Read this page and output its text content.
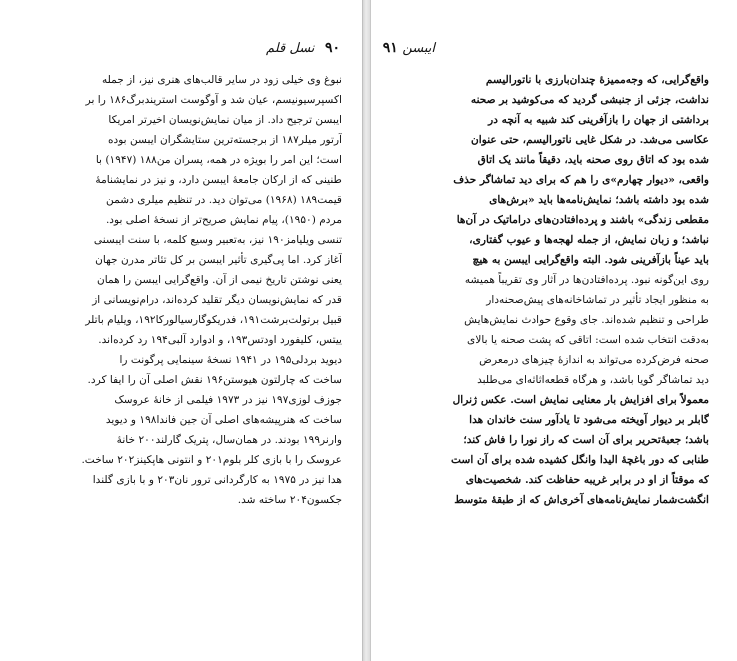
۹۰ نسل قلم
نبوغ وی خیلی زود در سایر قالب‌های هنری نیز، از جمله
اکسپرسیونیسم، عیان شد و آوگوست استریندبرگ۱۸۶ را بر
ایبسن ترجیح داد. از میان نمایش‌نویسان اخیرتر امریکا
آرتور میلر۱۸۷ از برجسته‌ترین ستایشگران ایبسن بوده
است؛ این امر را بویژه در همه، پسران من۱۸۸ (۱۹۴۷) با
طنینی که از ارکان جامعهٔ ایبسن دارد، و نیز در نمایشنامهٔ
قیمت۱۸۹ (۱۹۶۸) می‌توان دید. در تنظیم میلری دشمن
مردم (۱۹۵۰)، پیام نمایش صریح‌تر از نسخهٔ اصلی بود.
تنسی ویلیامز۱۹۰ نیز، به‌تعبیر وسیع کلمه، با سنت ایبسنی
آغاز کرد. اما پی‌گیری تأثیر ایبسن بر کل تئاتر مدرن جهان
یعنی نوشتن تاریخ نیمی از آن. واقع‌گرایی ایبسن را همان
قدر که نمایش‌نویسان دیگر تقلید کرده‌اند، درام‌نویسانی از
قبیل برتولت‌برشت۱۹۱، فدریکوگارسیالورکا۱۹۲، ویلیام باتلر
ییتس، کلیفورد اودتس۱۹۳، و ادوارد آلبی۱۹۴ رد کرده‌اند.
دیوید بردلی۱۹۵ در ۱۹۴۱ نسخهٔ سینمایی پرگونت را
ساخت که چارلتون هیوستن۱۹۶ نقش اصلی آن را ایفا کرد.
جوزف لوزی۱۹۷ نیز در ۱۹۷۳ فیلمی از خانهٔ عروسک
ساخت که هنرپیشه‌های اصلی آن جین فاندا۱۹۸ و دیوید
وارنر۱۹۹ بودند. در همان‌سال، پتریک گارلند۲۰۰ خانهٔ
عروسک را با بازی کلر بلوم۲۰۱ و انتونی هاپکینز۲۰۲ ساخت.
هدا نیز در ۱۹۷۵ به کارگردانی ترور نان۲۰۳ و با بازی گلندا
جکسون۲۰۴ ساخته شد.
ایبسن ۹۱
واقع‌گرایی، که وجه‌ممیزهٔ چندان‌بارزی با ناتورالیسم
نداشت، جزئی از جنبشی گردید که می‌کوشید بر صحنه
برداشتی از جهان را بازآفرینی کند شبیه به آنچه در
عکاسی می‌شد. در شکل غایی ناتورالیسم، حتی عنوان
شده بود که اتاق روی صحنه باید، دقیقاً مانند یک اتاق
واقعی، «دیوار چهارم»ی را هم که برای دید تماشاگر حذف
شده بود داشته باشد؛ نمایش‌نامه‌ها باید «برش‌های
مقطعی زندگی» باشند و پرده‌افتادن‌های دراماتیک در آن‌ها
نباشد؛ و زبان نمایش، از جمله لهجه‌ها و عیوب گفتاری،
باید عیناً بازآفرینی شود. البته واقع‌گرایی ایبسن به هیچ
روی این‌گونه نبود. پرده‌افتادن‌ها در آثار وی تقریباً همیشه
به منظور ایجاد تأثیر در تماشاخانه‌های پیش‌صحنه‌دار
طراحی و تنظیم شده‌اند. جای وقوع حوادث نمایش‌هایش
به‌دقت انتخاب شده است: اتاقی که پشت صحنه یا بالای
صحنه فرض‌کرده می‌تواند به اندازهٔ چیزهای درمعرض
دید تماشاگر گویا باشد، و هرگاه قطعه‌اثاثه‌ای می‌طلبد
معمولاً برای افزایش بار معنایی نمایش است. عکس ژنرال
گابلر بر دیوار آویخته می‌شود تا یادآور سنت خاندان هدا
باشد؛ جعبهٔ‌تحریر برای آن است که راز نورا را فاش کند؛
طنابی که دور باغچهٔ‌ الیدا وانگل کشیده شده برای آن است
که موقتاً از او در برابر غریبه حفاظت کند. شخصیت‌های
انگشت‌شمار نمایش‌نامه‌های آخری‌اش که از طبقهٔ متوسط
